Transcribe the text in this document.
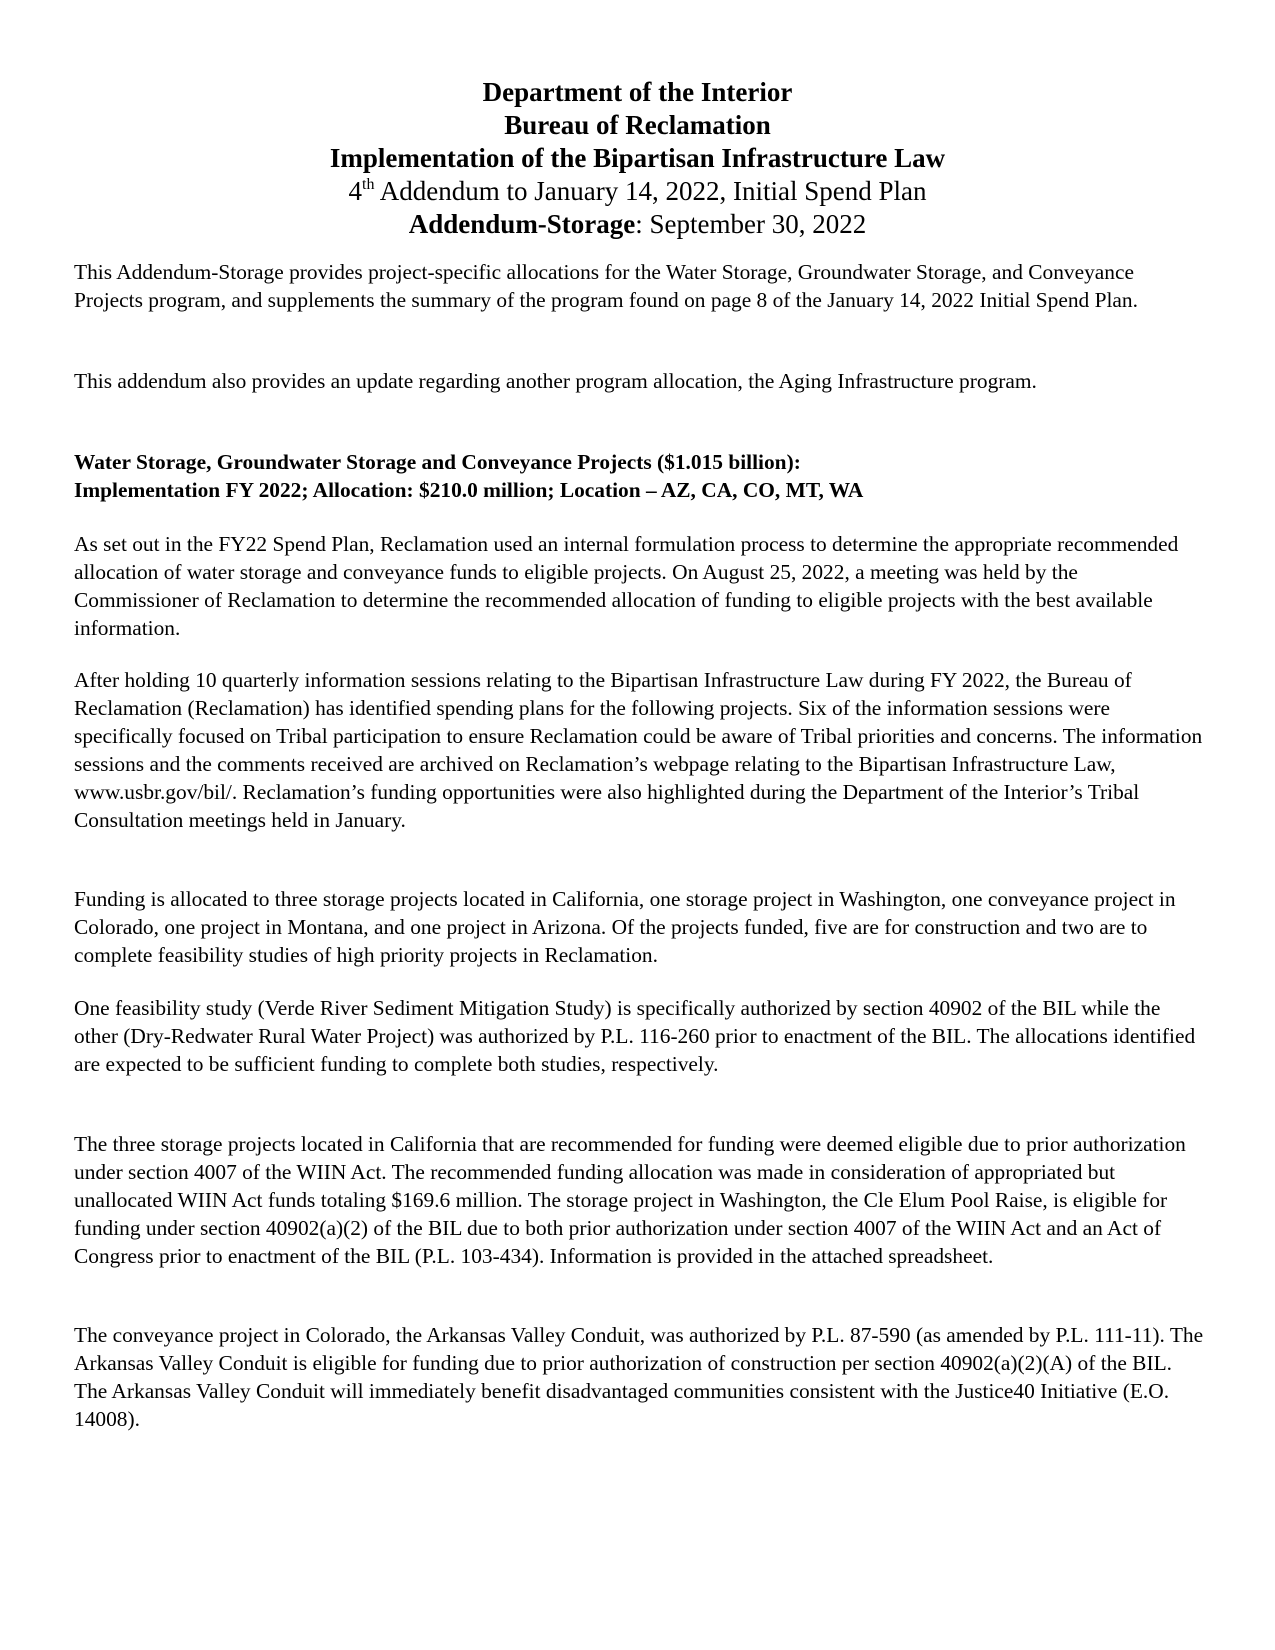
Department of the Interior
Bureau of Reclamation
Implementation of the Bipartisan Infrastructure Law
4th Addendum to January 14, 2022, Initial Spend Plan
Addendum-Storage: September 30, 2022

This Addendum-Storage provides project-specific allocations for the Water Storage, Groundwater Storage, and Conveyance Projects program, and supplements the summary of the program found on page 8 of the January 14, 2022 Initial Spend Plan.

This addendum also provides an update regarding another program allocation, the Aging Infrastructure program.

Water Storage, Groundwater Storage and Conveyance Projects ($1.015 billion):
Implementation FY 2022; Allocation: $210.0 million; Location – AZ, CA, CO, MT, WA

As set out in the FY22 Spend Plan, Reclamation used an internal formulation process to determine the appropriate recommended allocation of water storage and conveyance funds to eligible projects. On August 25, 2022, a meeting was held by the Commissioner of Reclamation to determine the recommended allocation of funding to eligible projects with the best available information.

After holding 10 quarterly information sessions relating to the Bipartisan Infrastructure Law during FY 2022, the Bureau of Reclamation (Reclamation) has identified spending plans for the following projects. Six of the information sessions were specifically focused on Tribal participation to ensure Reclamation could be aware of Tribal priorities and concerns. The information sessions and the comments received are archived on Reclamation’s webpage relating to the Bipartisan Infrastructure Law, www.usbr.gov/bil/. Reclamation’s funding opportunities were also highlighted during the Department of the Interior’s Tribal Consultation meetings held in January.

Funding is allocated to three storage projects located in California, one storage project in Washington, one conveyance project in Colorado, one project in Montana, and one project in Arizona. Of the projects funded, five are for construction and two are to complete feasibility studies of high priority projects in Reclamation.

One feasibility study (Verde River Sediment Mitigation Study) is specifically authorized by section 40902 of the BIL while the other (Dry-Redwater Rural Water Project) was authorized by P.L. 116-260 prior to enactment of the BIL. The allocations identified are expected to be sufficient funding to complete both studies, respectively.

The three storage projects located in California that are recommended for funding were deemed eligible due to prior authorization under section 4007 of the WIIN Act. The recommended funding allocation was made in consideration of appropriated but unallocated WIIN Act funds totaling $169.6 million. The storage project in Washington, the Cle Elum Pool Raise, is eligible for funding under section 40902(a)(2) of the BIL due to both prior authorization under section 4007 of the WIIN Act and an Act of Congress prior to enactment of the BIL (P.L. 103-434). Information is provided in the attached spreadsheet.

The conveyance project in Colorado, the Arkansas Valley Conduit, was authorized by P.L. 87-590 (as amended by P.L. 111-11). The Arkansas Valley Conduit is eligible for funding due to prior authorization of construction per section 40902(a)(2)(A) of the BIL. The Arkansas Valley Conduit will immediately benefit disadvantaged communities consistent with the Justice40 Initiative (E.O. 14008).
